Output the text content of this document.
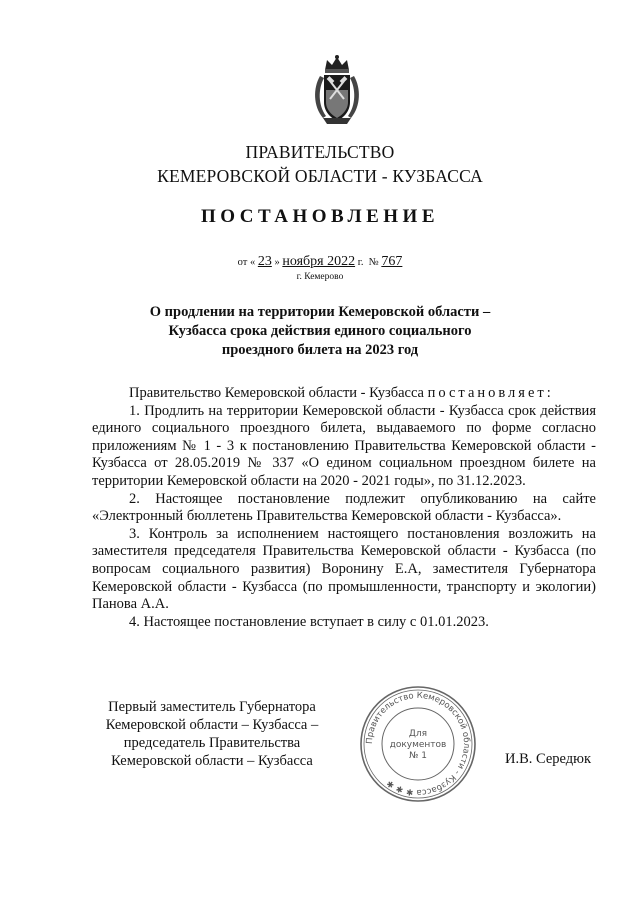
ПРАВИТЕЛЬСТВО
КЕМЕРОВСКОЙ ОБЛАСТИ - КУЗБАССА
ПОСТАНОВЛЕНИЕ
от « 23 » ноября 2022 г. № 767
г. Кемерово
О продлении на территории Кемеровской области –
Кузбасса срока действия единого социального
проездного билета на 2023 год

Правительство Кемеровской области - Кузбасса постановляет:

1. Продлить на территории Кемеровской области - Кузбасса срок действия единого социального проездного билета, выдаваемого по форме согласно приложениям № 1 - 3 к постановлению Правительства Кемеровской области - Кузбасса от 28.05.2019 № 337 «О едином социальном проездном билете на территории Кемеровской области на 2020 - 2021 годы», по 31.12.2023.

2. Настоящее постановление подлежит опубликованию на сайте «Электронный бюллетень Правительства Кемеровской области - Кузбасса».

3. Контроль за исполнением настоящего постановления возложить на заместителя председателя Правительства Кемеровской области - Кузбасса (по вопросам социального развития) Воронину Е.А, заместителя Губернатора Кемеровской области - Кузбасса (по промышленности, транспорту и экологии) Панова А.А.

4. Настоящее постановление вступает в силу с 01.01.2023.

Первый заместитель Губернатора
Кемеровской области – Кузбасса –
председатель Правительства
Кемеровской области – Кузбасса
Правительство Кемеровской области - Кузбасса ✱ ✱ ✱
Для
документов
№ 1	И.В. Середюк
